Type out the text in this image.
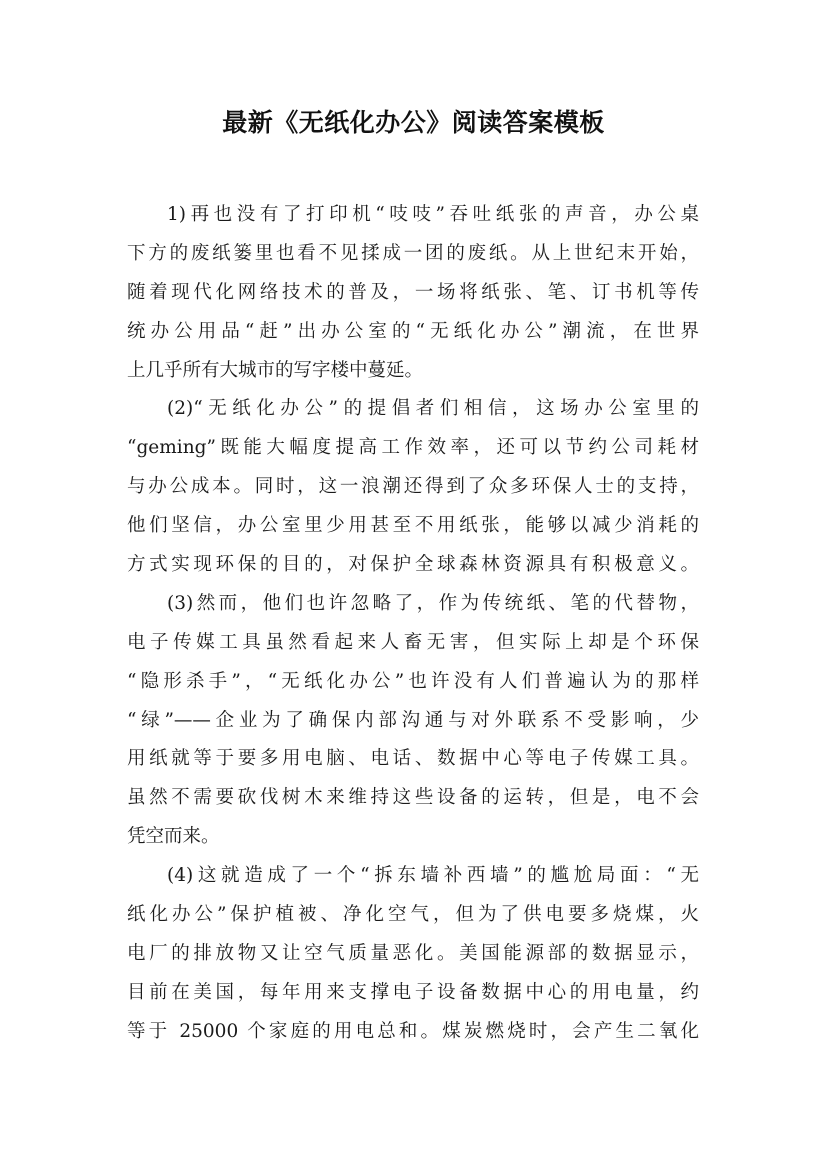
最新《无纸化办公》阅读答案模板
1)再也没有了打印机“吱吱”吞吐纸张的声音，办公桌
下方的废纸篓里也看不见揉成一团的废纸。从上世纪末开始，
随着现代化网络技术的普及，一场将纸张、笔、订书机等传
统办公用品“赶”出办公室的“无纸化办公”潮流，在世界
上几乎所有大城市的写字楼中蔓延。
(2)“无纸化办公”的提倡者们相信，这场办公室里的
“geming”既能大幅度提高工作效率，还可以节约公司耗材
与办公成本。同时，这一浪潮还得到了众多环保人士的支持，
他们坚信，办公室里少用甚至不用纸张，能够以减少消耗的
方式实现环保的目的，对保护全球森林资源具有积极意义。
(3)然而，他们也许忽略了，作为传统纸、笔的代替物，
电子传媒工具虽然看起来人畜无害，但实际上却是个环保
“隐形杀手”，“无纸化办公”也许没有人们普遍认为的那样
“绿”——企业为了确保内部沟通与对外联系不受影响，少
用纸就等于要多用电脑、电话、数据中心等电子传媒工具。
虽然不需要砍伐树木来维持这些设备的运转，但是，电不会
凭空而来。
(4)这就造成了一个“拆东墙补西墙”的尴尬局面：“无
纸化办公”保护植被、净化空气，但为了供电要多烧煤，火
电厂的排放物又让空气质量恶化。美国能源部的数据显示，
目前在美国，每年用来支撑电子设备数据中心的用电量，约
等于 25000 个家庭的用电总和。煤炭燃烧时，会产生二氧化
